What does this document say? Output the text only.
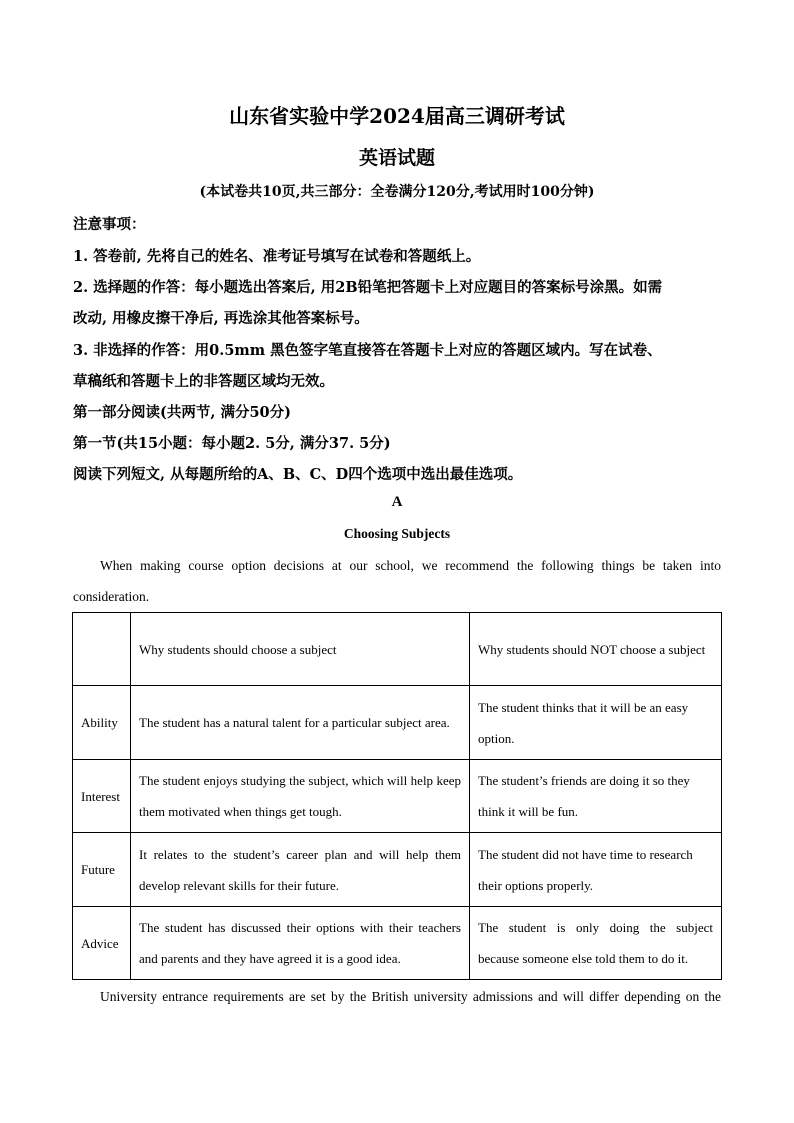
山东省实验中学2024届高三调研考试
英语试题
(本试卷共10页,共三部分：全卷满分120分,考试用时100分钟)
注意事项：
1. 答卷前, 先将自己的姓名、准考证号填写在试卷和答题纸上。
2. 选择题的作答：每小题选出答案后, 用2B铅笔把答题卡上对应题目的答案标号涂黑。如需
改动, 用橡皮擦干净后, 再选涂其他答案标号。
3. 非选择的作答：用0.5mm 黑色签字笔直接答在答题卡上对应的答题区域内。写在试卷、
草稿纸和答题卡上的非答题区域均无效。
第一部分阅读(共两节, 满分50分)
第一节(共15小题：每小题2. 5分, 满分37. 5分)
阅读下列短文, 从每题所给的A、B、C、D四个选项中选出最佳选项。
A
Choosing Subjects
When making course option decisions at our school, we recommend the following things be taken into
consideration.
	Why students should choose a subject	Why students should NOT choose a subject
Ability	The student has a natural talent for a particular subject area.	The student thinks that it will be an easy option.
Interest	The student enjoys studying the subject, which will help keep them motivated when things get tough.	The student’s friends are doing it so they think it will be fun.
Future	It relates to the student’s career plan and will help them develop relevant skills for their future.	The student did not have time to research their options properly.
Advice	The student has discussed their options with their teachers and parents and they have agreed it is a good idea.	The student is only doing the subject because someone else told them to do it.
University entrance requirements are set by the British university admissions and will differ depending on the
